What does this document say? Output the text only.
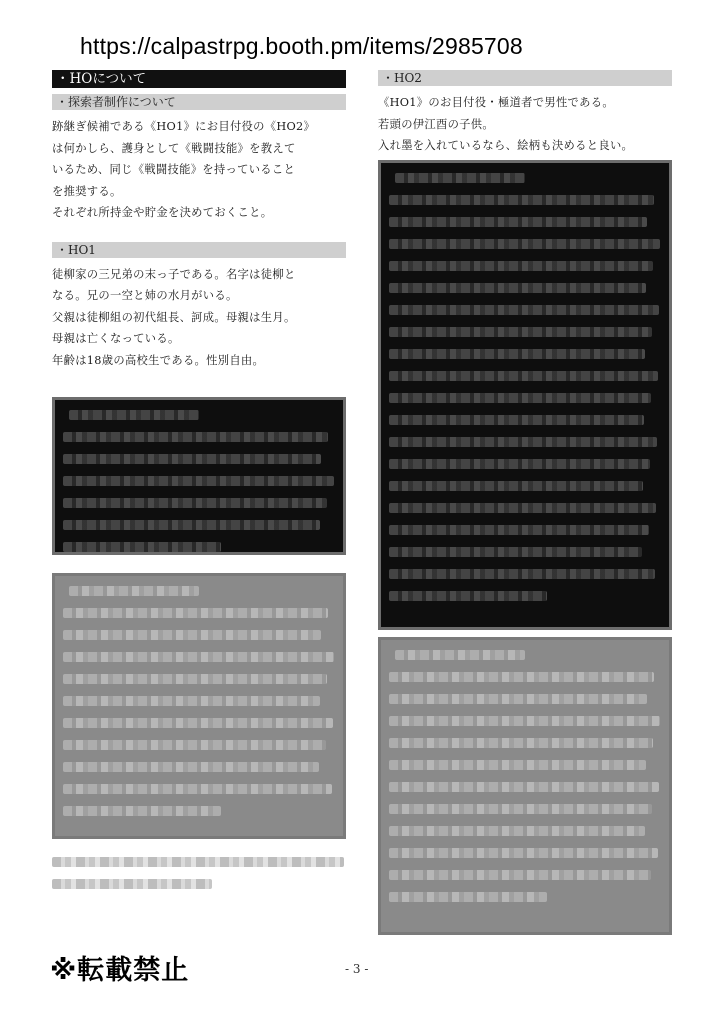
https://calpastrpg.booth.pm/items/2985708
・HOについて
・探索者制作について
跡継ぎ候補である《HO1》にお目付役の《HO2》
は何かしら、護身として《戦闘技能》を教えて
いるため、同じ《戦闘技能》を持っていること
を推奨する。
それぞれ所持金や貯金を決めておくこと。
・HO1
徒柳家の三兄弟の末っ子である。名字は徒柳と
なる。兄の一空と姉の水月がいる。
父親は徒柳組の初代組長、訶成。母親は生月。
母親は亡くなっている。
年齢は18歳の高校生である。性別自由。
・HO2
《HO1》のお目付役・極道者で男性である。
若頭の伊江酉の子供。
入れ墨を入れているなら、絵柄も決めると良い。
※転載禁止	- 3 -
